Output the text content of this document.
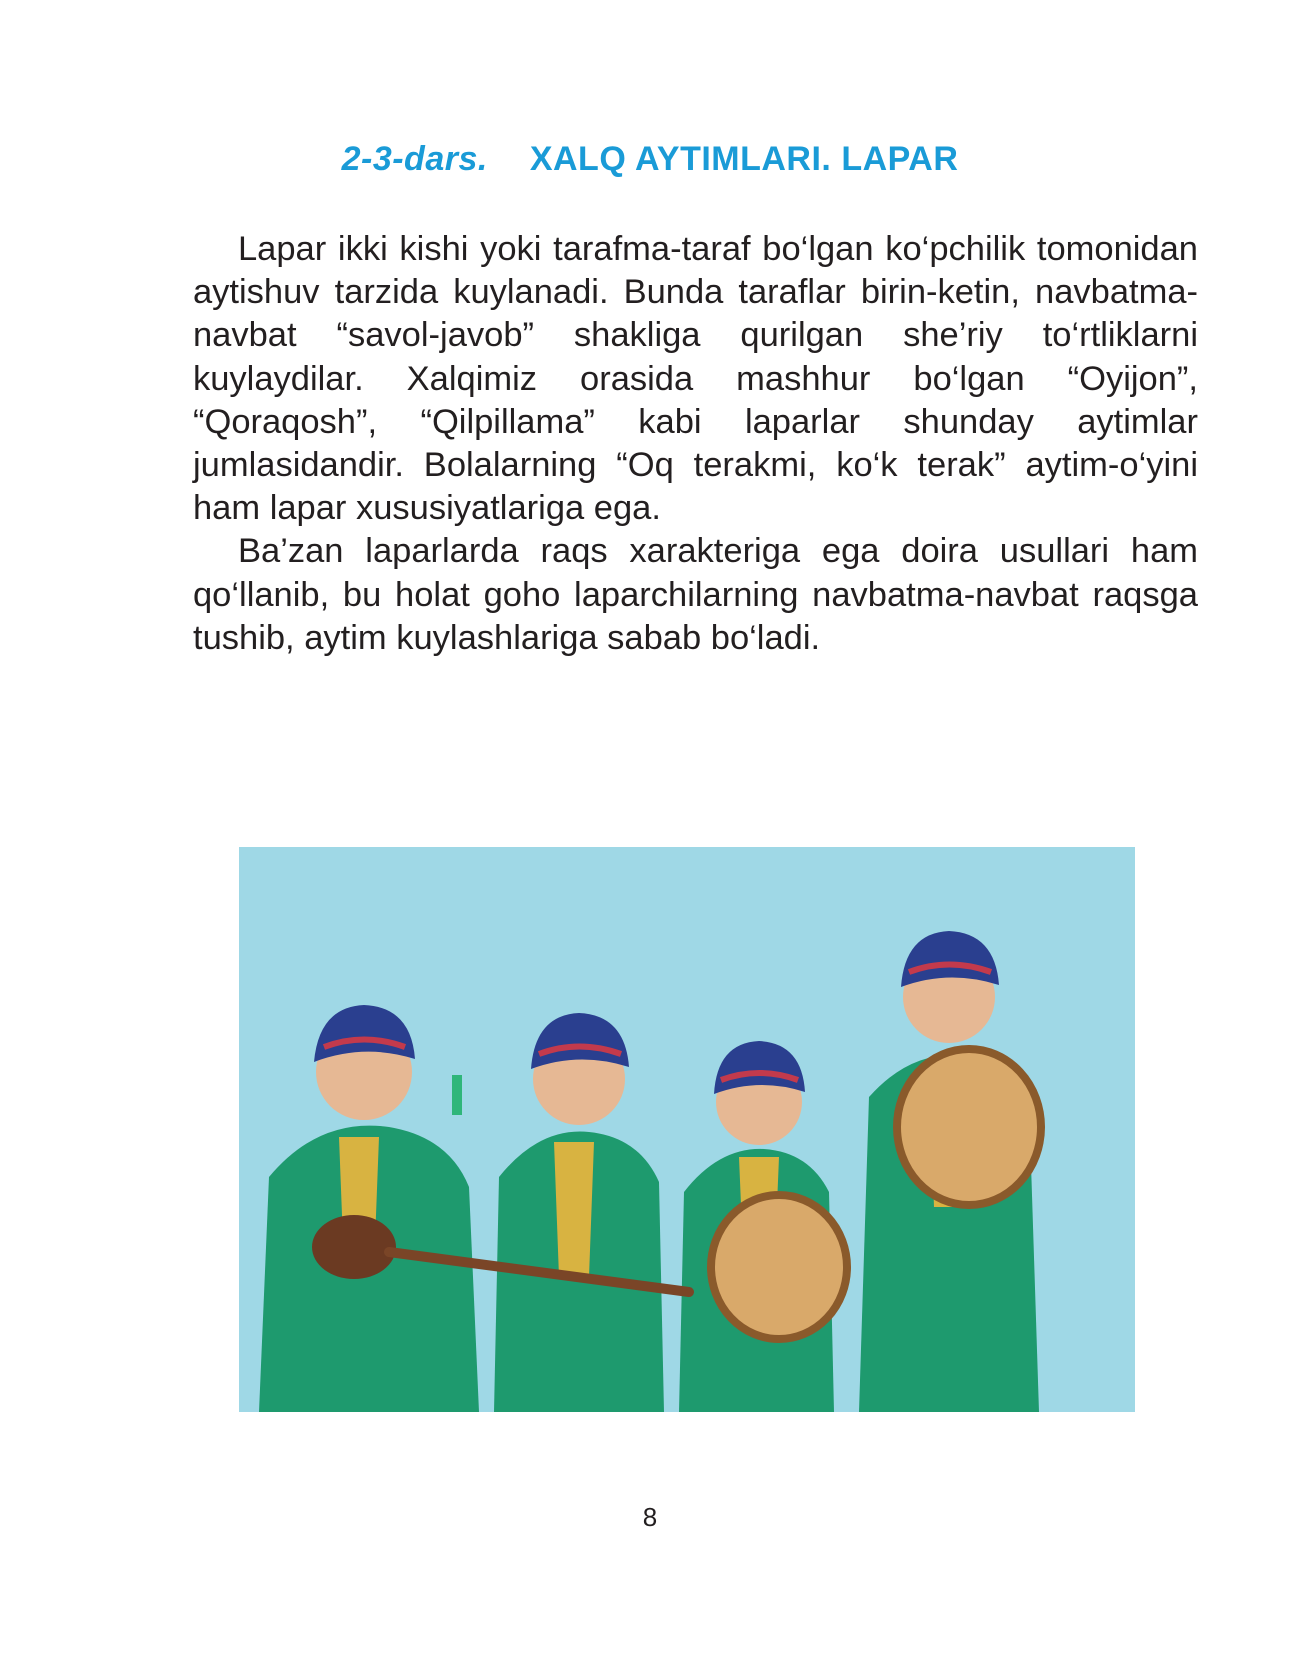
2-3-dars. XALQ AYTIMLARI. LAPAR

Lapar ikki kishi yoki tarafma-taraf bo‘lgan ko‘pchilik tomonidan aytishuv tarzida kuylanadi. Bunda taraflar birin-ketin, navbatma-navbat “savol-javob” shakliga qurilgan she’riy to‘rtliklarni kuylaydilar. Xalqimiz orasida mashhur bo‘lgan “Oyijon”, “Qoraqosh”, “Qilpillama” kabi laparlar shunday aytimlar jumlasidandir. Bolalarning “Oq terakmi, ko‘k terak” aytim-o‘yini ham lapar xususiyatlariga ega.

Ba’zan laparlarda raqs xarakteriga ega doira usullari ham qo‘llanib, bu holat goho laparchilarning navbatma-navbat raqsga tushib, aytim kuylashlariga sabab bo‘ladi.

8
